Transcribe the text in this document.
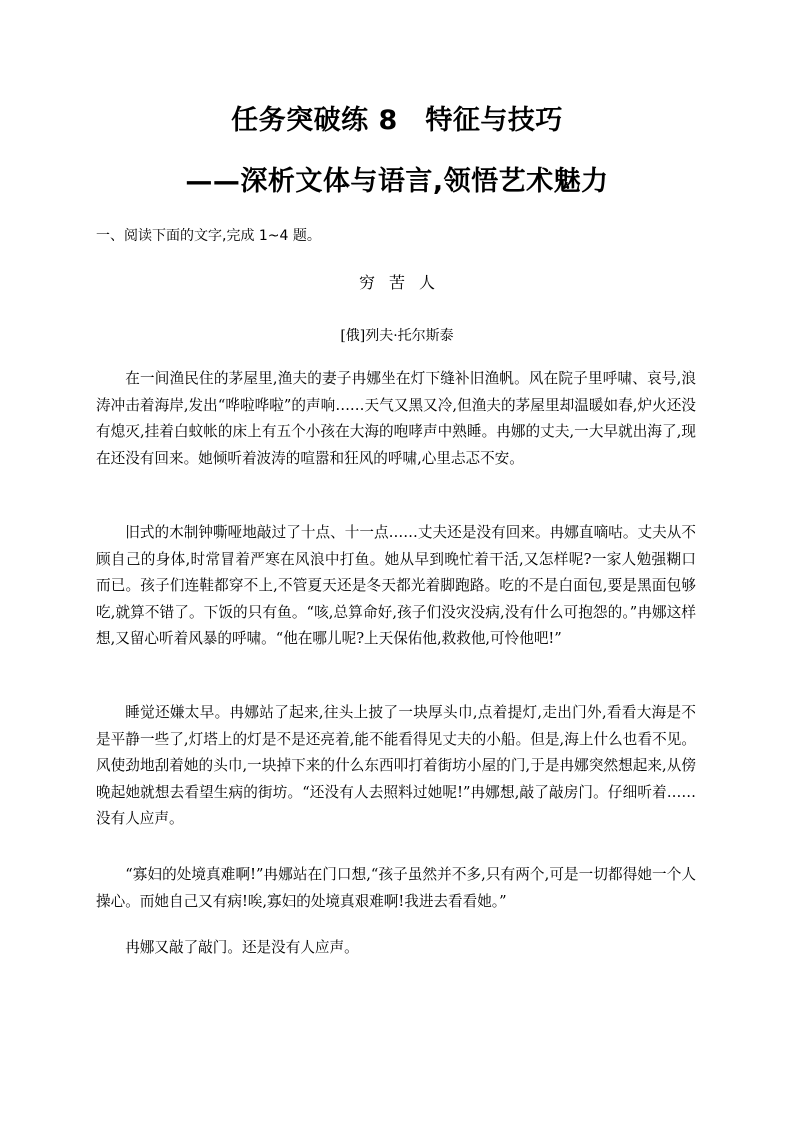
任务突破练 8　特征与技巧
——深析文体与语言,领悟艺术魅力

一、阅读下面的文字,完成 1~4 题。

穷苦人

[俄]列夫·托尔斯泰

在一间渔民住的茅屋里,渔夫的妻子冉娜坐在灯下缝补旧渔帆。风在院子里呼啸、哀号,浪涛冲击着海岸,发出“哗啦哗啦”的声响……天气又黑又冷,但渔夫的茅屋里却温暖如春,炉火还没有熄灭,挂着白蚊帐的床上有五个小孩在大海的咆哮声中熟睡。冉娜的丈夫,一大早就出海了,现在还没有回来。她倾听着波涛的喧嚣和狂风的呼啸,心里忐忑不安。

旧式的木制钟嘶哑地敲过了十点、十一点……丈夫还是没有回来。冉娜直嘀咕。丈夫从不顾自己的身体,时常冒着严寒在风浪中打鱼。她从早到晚忙着干活,又怎样呢?一家人勉强糊口而已。孩子们连鞋都穿不上,不管夏天还是冬天都光着脚跑路。吃的不是白面包,要是黑面包够吃,就算不错了。下饭的只有鱼。“咳,总算命好,孩子们没灾没病,没有什么可抱怨的。”冉娜这样想,又留心听着风暴的呼啸。“他在哪儿呢?上天保佑他,救救他,可怜他吧!”

睡觉还嫌太早。冉娜站了起来,往头上披了一块厚头巾,点着提灯,走出门外,看看大海是不是平静一些了,灯塔上的灯是不是还亮着,能不能看得见丈夫的小船。但是,海上什么也看不见。风使劲地刮着她的头巾,一块掉下来的什么东西叩打着街坊小屋的门,于是冉娜突然想起来,从傍晚起她就想去看望生病的街坊。“还没有人去照料过她呢!”冉娜想,敲了敲房门。仔细听着……没有人应声。

“寡妇的处境真难啊!”冉娜站在门口想,“孩子虽然并不多,只有两个,可是一切都得她一个人操心。而她自己又有病!唉,寡妇的处境真艰难啊!我进去看看她。”

冉娜又敲了敲门。还是没有人应声。
